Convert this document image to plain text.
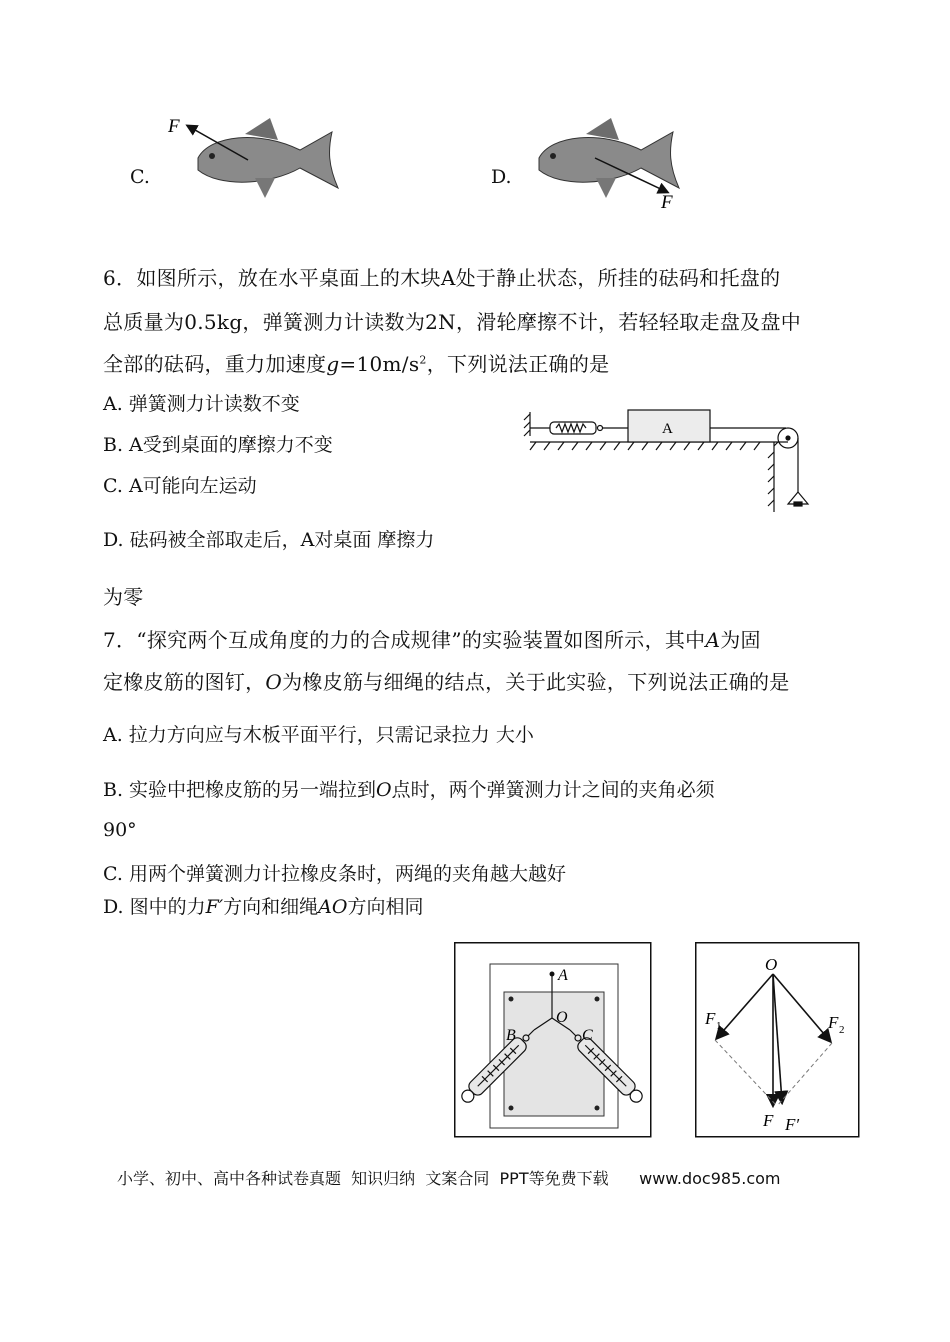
C.	D.
F
F
6．如图所示，放在水平桌面上的木块A处于静止状态，所挂的砝码和托盘的
总质量为0.5kg，弹簧测力计读数为2N，滑轮摩擦不计，若轻轻取走盘及盘中
全部的砝码，重力加速度$g=10m/s^2$，下列说法正确的是
A. 弹簧测力计读数不变
B. A受到桌面的摩擦力不变
C. A可能向左运动
D. 砝码被全部取走后，A对桌面 摩擦力
为零
A
7．“探究两个互成角度的力的合成规律”的实验装置如图所示，其中A为固
定橡皮筋的图钉，O为橡皮筋与细绳的结点，关于此实验，下列说法正确的是
A. 拉力方向应与木板平面平行，只需记录拉力 大小
B. 实验中把橡皮筋的另一端拉到O点时，两个弹簧测力计之间的夹角必须
90°
C. 用两个弹簧测力计拉橡皮条时，两绳的夹角越大越好
D. 图中的力F′方向和细绳AO方向相同
A
O
B	C
O
F 1	F 2
F F′
小学、初中、高中各种试卷真题  知识归纳  文案合同  PPT等免费下载      www.doc985.com
